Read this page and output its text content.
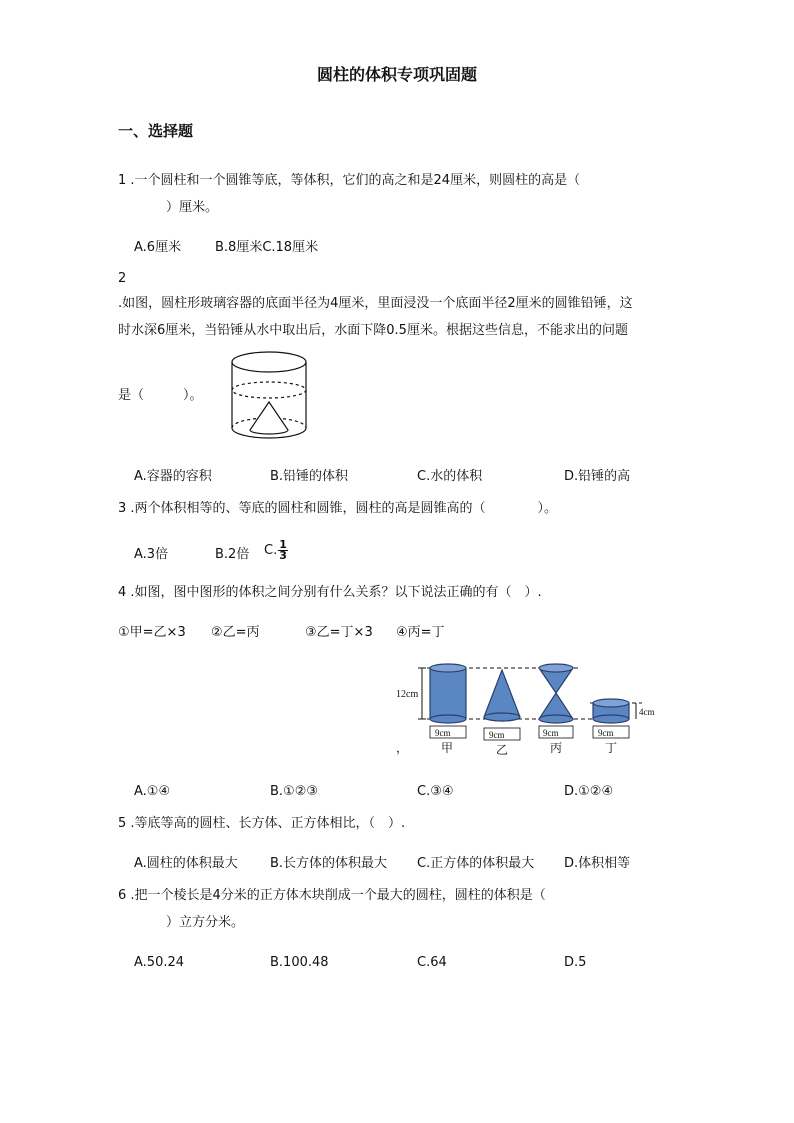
圆柱的体积专项巩固题
一、选择题
1 .一个圆柱和一个圆锥等底，等体积，它们的高之和是24厘米，则圆柱的高是（
）厘米。
A.6厘米	B.8厘米C.18厘米
2
.如图，圆柱形玻璃容器的底面半径为4厘米，里面浸没一个底面半径2厘米的圆锥铅锤，这
时水深6厘米，当铅锤从水中取出后，水面下降0.5厘米。根据这些信息，不能求出的问题
是（　　　）。
A.容器的容积	B.铅锤的体积	C.水的体积	D.铅锤的高
3 .两个体积相等的、等底的圆柱和圆锥，圆柱的高是圆锥高的（　　　　）。
A.3倍	B.2倍 C. $\frac{1}{3}$
4 .如图，图中图形的体积之间分别有什么关系？以下说法正确的有（　）.
①甲=乙×3 ②乙=丙	③乙=丁×3 ④丙=丁
12cm
4cm
9cm	9cm	9cm	9cm
，	甲	乙	丙	丁
A.①④	B.①②③	C.③④	D.①②④
5 .等底等高的圆柱、长方体、正方体相比，（　）.
A.圆柱的体积最大 B.长方体的体积最大 C.正方体的体积最大 D.体积相等
6 .把一个棱长是4分米的正方体木块削成一个最大的圆柱，圆柱的体积是（
）立方分米。
A.50.24	B.100.48	C.64	D.5
